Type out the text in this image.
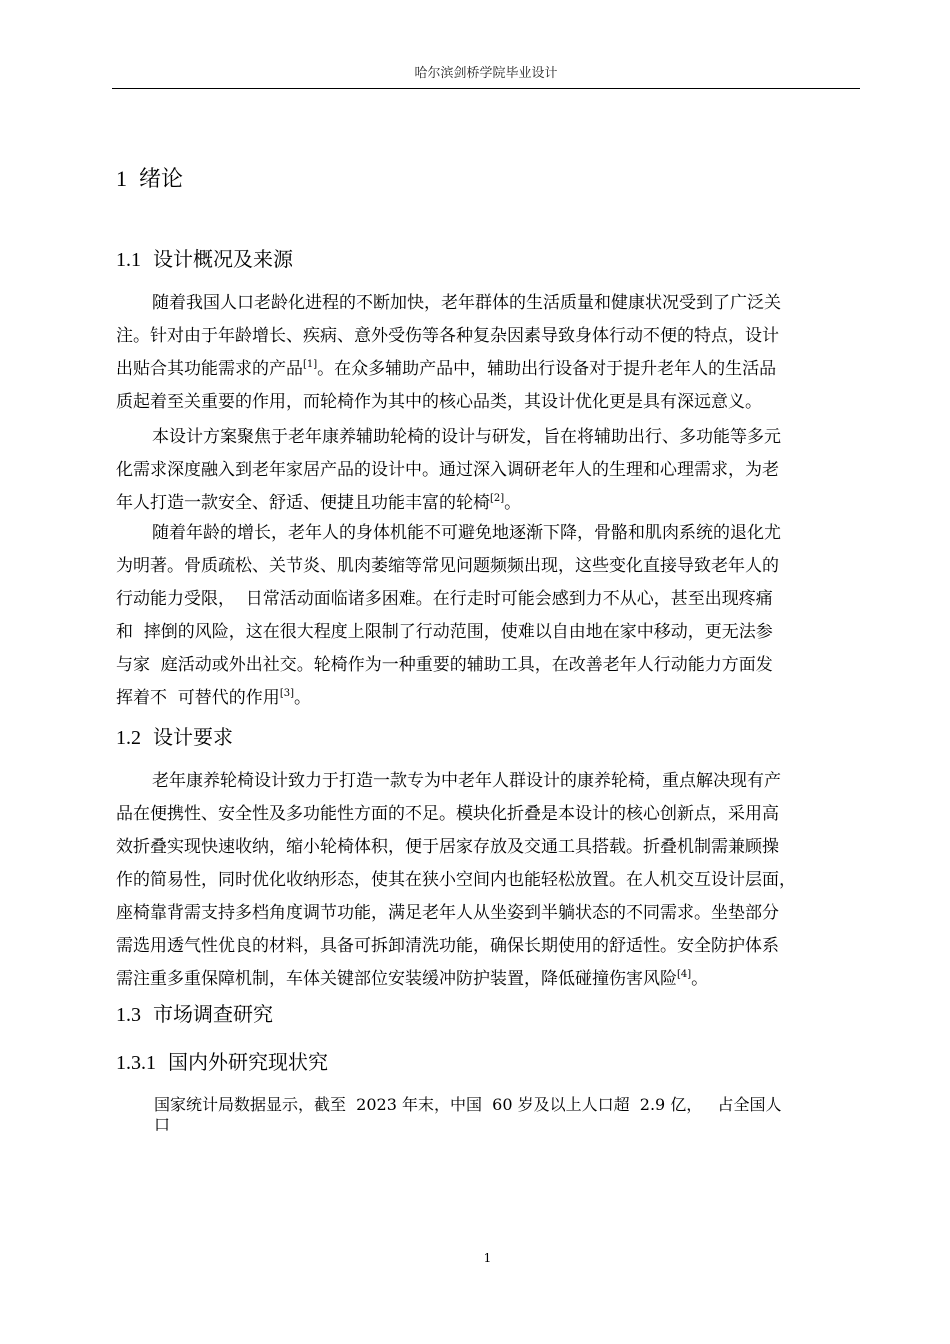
哈尔滨剑桥学院毕业设计
1 绪论
1.1 设计概况及来源
随着我国人口老龄化进程的不断加快，老年群体的生活质量和健康状况受到了广泛关
注。针对由于年龄增长、疾病、意外受伤等各种复杂因素导致身体行动不便的特点，设计
出贴合其功能需求的产品[1]。在众多辅助产品中，辅助出行设备对于提升老年人的生活品
质起着至关重要的作用，而轮椅作为其中的核心品类，其设计优化更是具有深远意义。
本设计方案聚焦于老年康养辅助轮椅的设计与研发，旨在将辅助出行、多功能等多元
化需求深度融入到老年家居产品的设计中。通过深入调研老年人的生理和心理需求，为老
年人打造一款安全、舒适、便捷且功能丰富的轮椅[2]。
随着年龄的增长，老年人的身体机能不可避免地逐渐下降，骨骼和肌肉系统的退化尤
为明著。骨质疏松、关节炎、肌肉萎缩等常见问题频频出现，这些变化直接导致老年人的
行动能力受限，  日常活动面临诸多困难。在行走时可能会感到力不从心，甚至出现疼痛
和  摔倒的风险，这在很大程度上限制了行动范围，使难以自由地在家中移动，更无法参
与家  庭活动或外出社交。轮椅作为一种重要的辅助工具，在改善老年人行动能力方面发
挥着不  可替代的作用[3]。
1.2 设计要求
老年康养轮椅设计致力于打造一款专为中老年人群设计的康养轮椅，重点解决现有产
品在便携性、安全性及多功能性方面的不足。模块化折叠是本设计的核心创新点，采用高
效折叠实现快速收纳，缩小轮椅体积，便于居家存放及交通工具搭载。折叠机制需兼顾操
作的简易性，同时优化收纳形态，使其在狭小空间内也能轻松放置。在人机交互设计层面，
座椅靠背需支持多档角度调节功能，满足老年人从坐姿到半躺状态的不同需求。坐垫部分
需选用透气性优良的材料，具备可拆卸清洗功能，确保长期使用的舒适性。安全防护体系
需注重多重保障机制，车体关键部位安装缓冲防护装置，降低碰撞伤害风险[4]。
1.3 市场调查研究
1.3.1 国内外研究现状究
国家统计局数据显示，截至  2023 年末，中国  60 岁及以上人口超  2.9 亿，   占全国人
口
1
